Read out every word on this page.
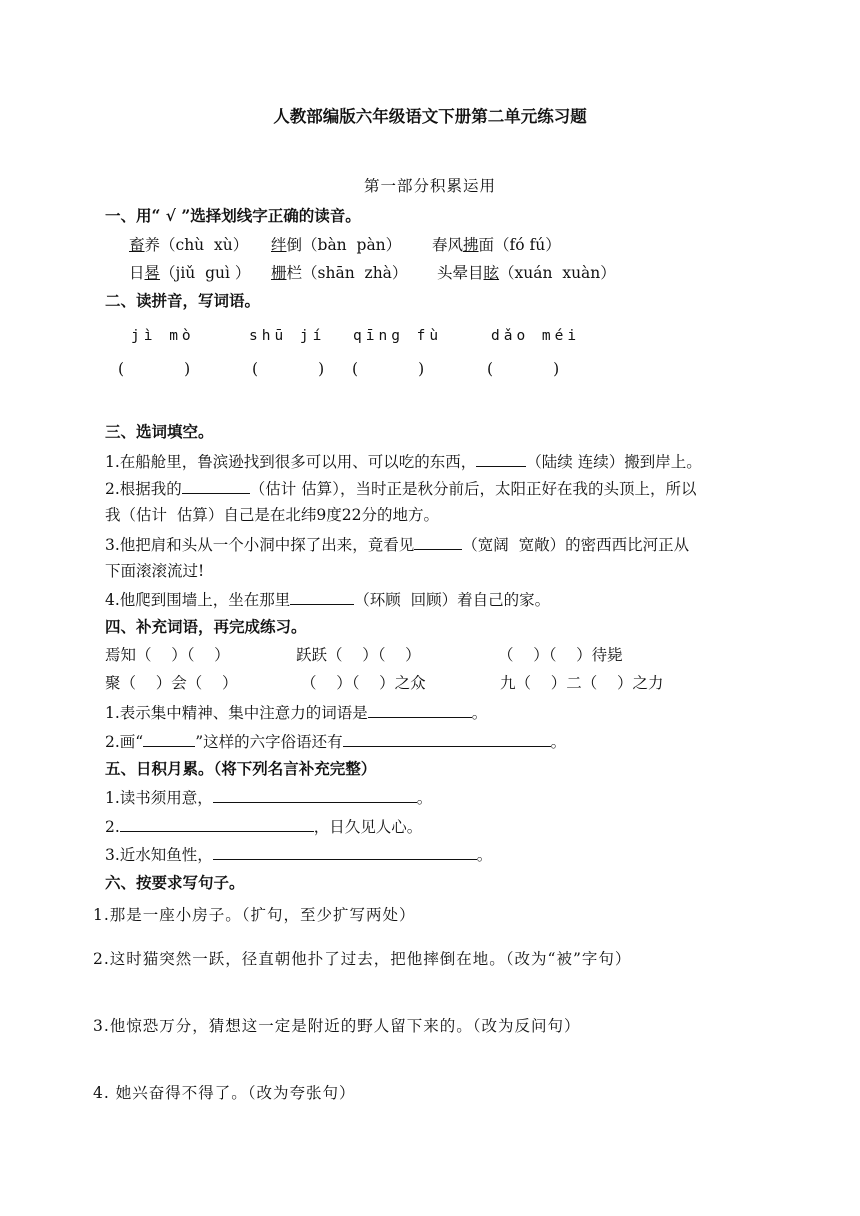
人教部编版六年级语文下册第二单元练习题
第一部分积累运用
一、用“ √ ”选择划线字正确的读音。
畜养（chù  xù） 绊倒（bàn  pàn） 春风拂面（fó fú）
日晷（jiǔ  guì ） 栅栏（shān  zhà） 头晕目眩（xuán  xuàn）
二、读拼音，写词语。
jì mò	shū jí qīng fù	dǎo méi
(	)	(	) (	)	(	)
三、选词填空。
1.在船舱里，鲁滨逊找到很多可以用、可以吃的东西，	（陆续 连续）搬到岸上。
2.根据我的	（估计 估算），当时正是秋分前后，太阳正好在我的头顶上，所以
我（估计  估算）自己是在北纬9度22分的地方。
3.他把肩和头从一个小洞中探了出来，竟看见	（宽阔  宽敞）的密西西比河正从
下面滚滚流过!
4.他爬到围墙上，坐在那里	（环顾  回顾）着自己的家。
四、补充词语，再完成练习。
焉知（    ）（    ）	跃跃（    ）（    ）	（    ）（    ）待毙
聚（    ）会（    ）	（    ）（    ）之众	九（    ）二（    ）之力
1.表示集中精神、集中注意力的词语是	。
2.画“	”这样的六字俗语还有	。
五、日积月累。（将下列名言补充完整）
1.读书须用意，	。
2.	，日久见人心。
3.近水知鱼性，	。
六、按要求写句子。
1.那是一座小房子。（扩句，至少扩写两处）
2.这时猫突然一跃，径直朝他扑了过去，把他摔倒在地。（改为“被”字句）
3.他惊恐万分，猜想这一定是附近的野人留下来的。（改为反问句）
4. 她兴奋得不得了。（改为夸张句）
